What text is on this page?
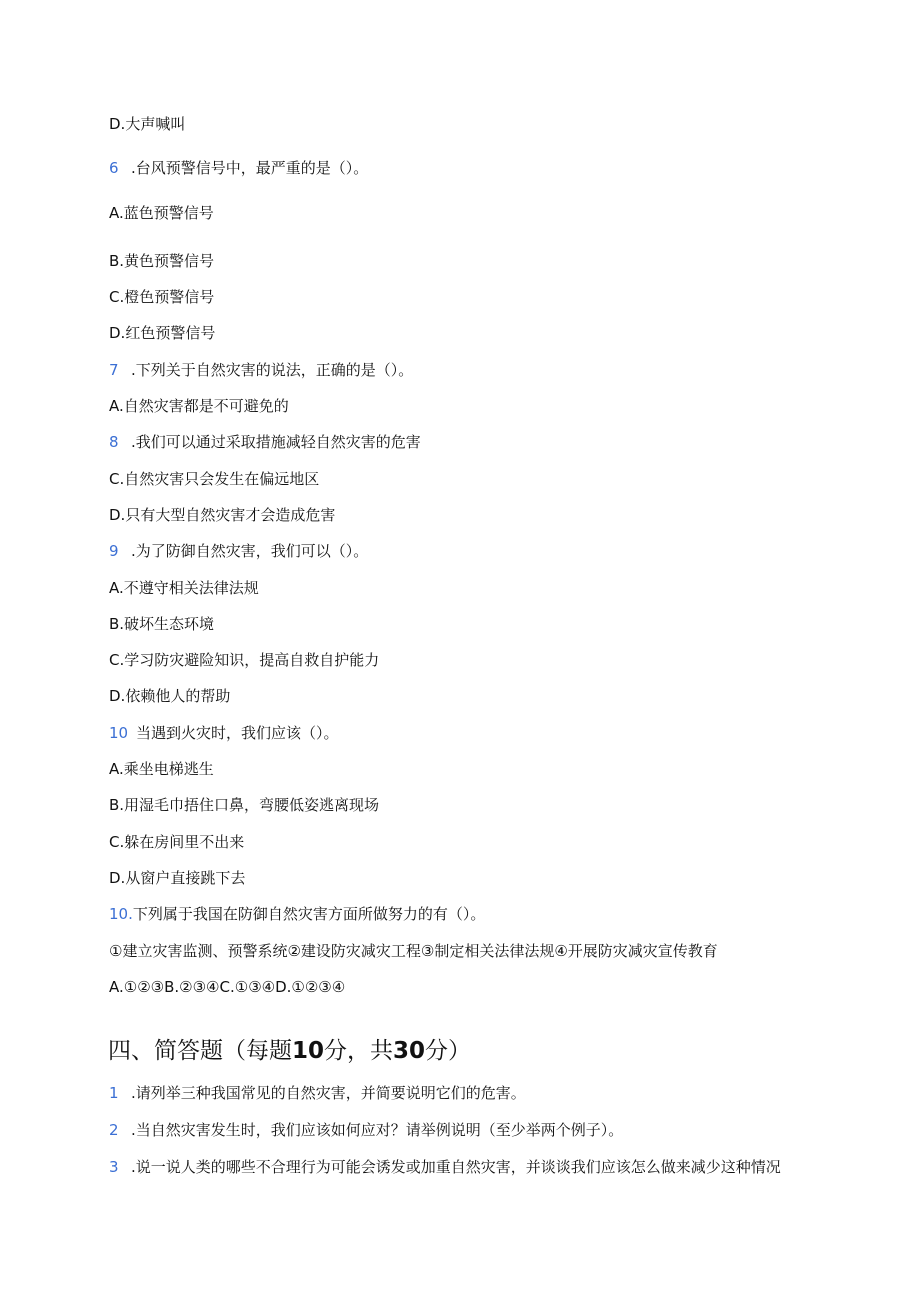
D.大声喊叫
6 .台风预警信号中，最严重的是（）。
A.蓝色预警信号
B.黄色预警信号
C.橙色预警信号
D.红色预警信号
7 .下列关于自然灾害的说法，正确的是（）。
A.自然灾害都是不可避免的
8 .我们可以通过采取措施减轻自然灾害的危害
C.自然灾害只会发生在偏远地区
D.只有大型自然灾害才会造成危害
9 .为了防御自然灾害，我们可以（）。
A.不遵守相关法律法规
B.破坏生态环境
C.学习防灾避险知识，提高自救自护能力
D.依赖他人的帮助
10 当遇到火灾时，我们应该（）。
A.乘坐电梯逃生
B.用湿毛巾捂住口鼻，弯腰低姿逃离现场
C.躲在房间里不出来
D.从窗户直接跳下去
10.下列属于我国在防御自然灾害方面所做努力的有（）。
①建立灾害监测、预警系统②建设防灾减灾工程③制定相关法律法规④开展防灾减灾宣传教育
A.①②③B.②③④C.①③④D.①②③④
四、简答题（每题10分，共30分）
1 .请列举三种我国常见的自然灾害，并简要说明它们的危害。
2 .当自然灾害发生时，我们应该如何应对？请举例说明（至少举两个例子）。
3 .说一说人类的哪些不合理行为可能会诱发或加重自然灾害，并谈谈我们应该怎么做来减少这种情况
